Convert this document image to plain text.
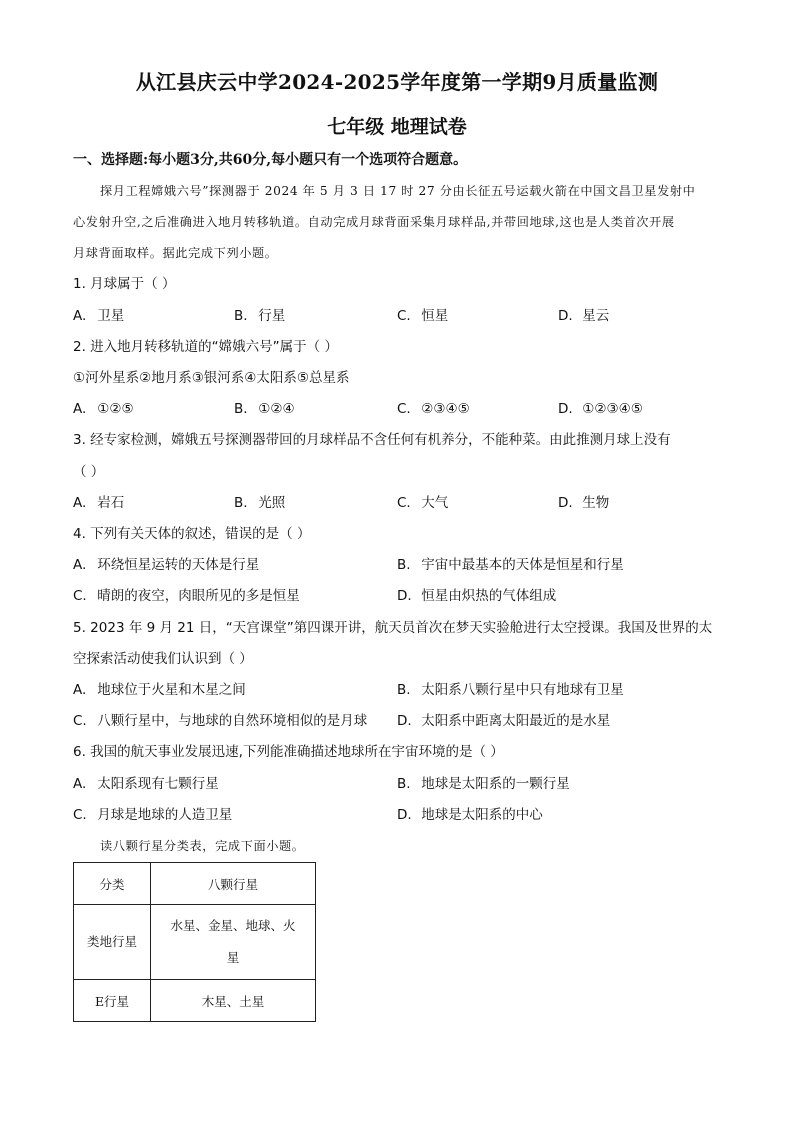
从江县庆云中学2024-2025学年度第一学期9月质量监测
七年级 地理试卷
一、选择题:每小题3分,共60分,每小题只有一个选项符合题意。
探月工程嫦娥六号”探测器于 2024 年 5 月 3 日 17 时 27 分由长征五号运载火箭在中国文昌卫星发射中
心发射升空,之后准确进入地月转移轨道。自动完成月球背面采集月球样品,并带回地球,这也是人类首次开展
月球背面取样。据此完成下列小题。
1. 月球属于（ ）
A. 卫星	B. 行星	C. 恒星	D. 星云
2. 进入地月转移轨道的“嫦娥六号”属于（ ）
①河外星系②地月系③银河系④太阳系⑤总星系
A. ①②⑤	B. ①②④	C. ②③④⑤	D. ①②③④⑤
3. 经专家检测，嫦娥五号探测器带回的月球样品不含任何有机养分，不能种菜。由此推测月球上没有
（ ）
A. 岩石	B. 光照	C. 大气	D. 生物
4. 下列有关天体的叙述，错误的是（ ）
A. 环绕恒星运转的天体是行星	B. 宇宙中最基本的天体是恒星和行星
C. 晴朗的夜空，肉眼所见的多是恒星	D. 恒星由炽热的气体组成
5. 2023 年 9 月 21 日，“天宫课堂”第四课开讲，航天员首次在梦天实验舱进行太空授课。我国及世界的太
空探索活动使我们认识到（ ）
A. 地球位于火星和木星之间	B. 太阳系八颗行星中只有地球有卫星
C. 八颗行星中，与地球的自然环境相似的是月球 D. 太阳系中距离太阳最近的是水星
6. 我国的航天事业发展迅速,下列能准确描述地球所在宇宙环境的是（ ）
A. 太阳系现有七颗行星	B. 地球是太阳系的一颗行星
C. 月球是地球的人造卫星	D. 地球是太阳系的中心
读八颗行星分类表，完成下面小题。
分类	八颗行星
类地行星	水星、金星、地球、火
星

E行星	木星、土星
